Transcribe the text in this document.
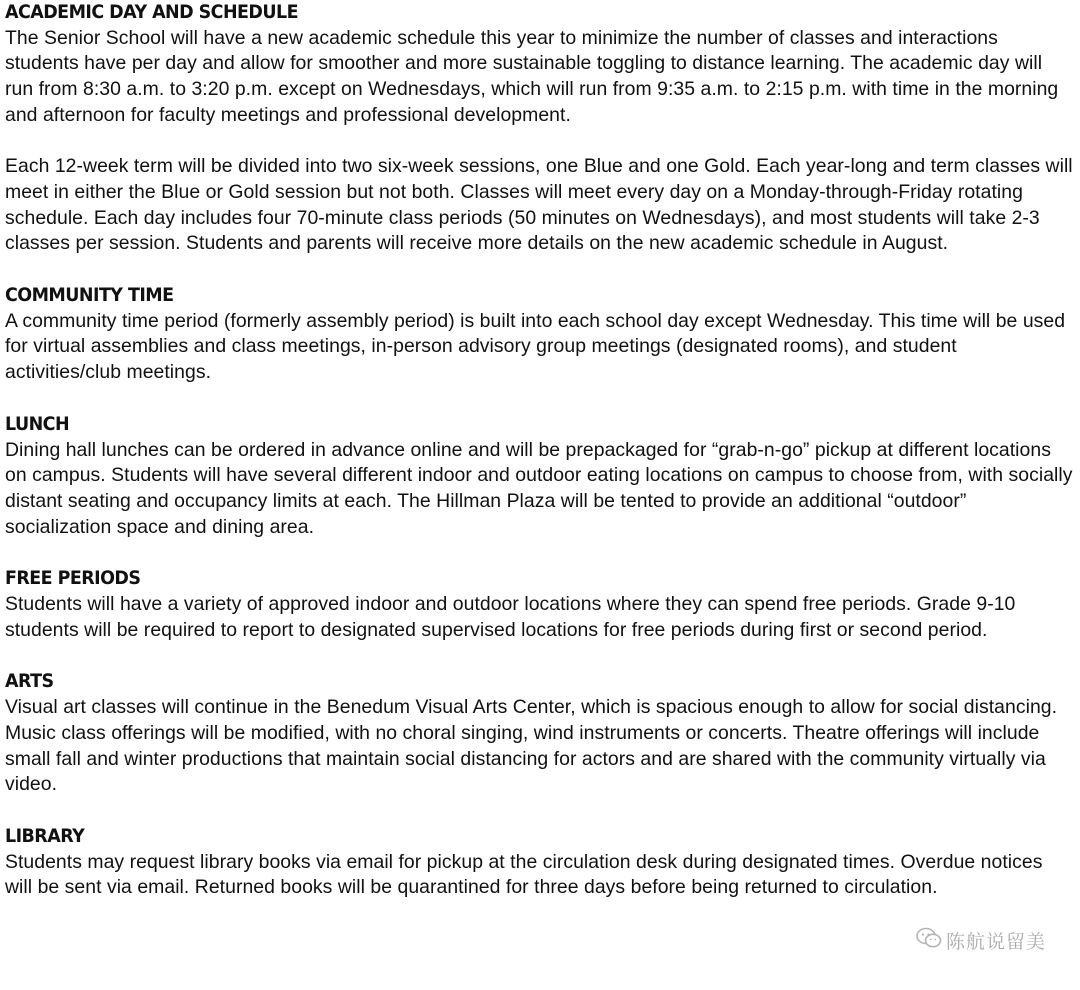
ACADEMIC DAY AND SCHEDULE

The Senior School will have a new academic schedule this year to minimize the number of classes and interactions students have per day and allow for smoother and more sustainable toggling to distance learning. The academic day will run from 8:30 a.m. to 3:20 p.m. except on Wednesdays, which will run from 9:35 a.m. to 2:15 p.m. with time in the morning and afternoon for faculty meetings and professional development.

Each 12-week term will be divided into two six-week sessions, one Blue and one Gold. Each year-long and term classes will meet in either the Blue or Gold session but not both. Classes will meet every day on a Monday-through-Friday rotating schedule. Each day includes four 70-minute class periods (50 minutes on Wednesdays), and most students will take 2-3 classes per session. Students and parents will receive more details on the new academic schedule in August.

COMMUNITY TIME

A community time period (formerly assembly period) is built into each school day except Wednesday. This time will be used for virtual assemblies and class meetings, in-person advisory group meetings (designated rooms), and student activities/club meetings.

LUNCH

Dining hall lunches can be ordered in advance online and will be prepackaged for “grab-n-go” pickup at different locations on campus. Students will have several different indoor and outdoor eating locations on campus to choose from, with socially distant seating and occupancy limits at each. The Hillman Plaza will be tented to provide an additional “outdoor” socialization space and dining area.

FREE PERIODS

Students will have a variety of approved indoor and outdoor locations where they can spend free periods. Grade 9-10 students will be required to report to designated supervised locations for free periods during first or second period.

ARTS

Visual art classes will continue in the Benedum Visual Arts Center, which is spacious enough to allow for social distancing. Music class offerings will be modified, with no choral singing, wind instruments or concerts. Theatre offerings will include small fall and winter productions that maintain social distancing for actors and are shared with the community virtually via video.

LIBRARY

Students may request library books via email for pickup at the circulation desk during designated times. Overdue notices will be sent via email. Returned books will be quarantined for three days before being returned to circulation.

陈航说留美
